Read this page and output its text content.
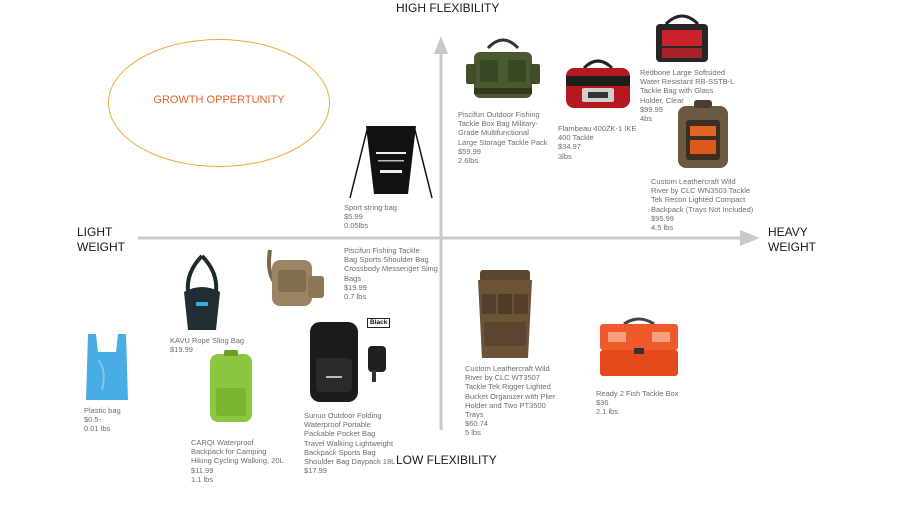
HIGH FLEXIBILITY
LOW FLEXIBILITY
LIGHT
WEIGHT
HEAVY
WEIGHT
GROWTH OPPERTUNITY
Piscifun Outdoor Fishing
Tackle Box Bag Military-
Grade Multifunctional
Large Storage Tackle Pack
$59.99
2.6lbs
Flambeau 400ZK-1 IKE
400 Tackle
$34.97
3lbs
Redbone Large Softsided
Water Resistant RB-SSTB-L
Tackle Bag with Glass
Holder, Clear
$99.99
4bs
Custom Leathercraft Wild
River by CLC WN3503 Tackle
Tek Recon Lighted Compact
Backpack (Trays Not Included)
$95.99
4.5 lbs
Sport string bag
$5.99
0.05lbs
Piscifun Fishing Tackle
Bag Sports Shoulder Bag
Crossbody Messenger Sling
Bags
$19.99
0.7 lbs
KAVU Rope Sling Bag
$19.99
Plastic bag
$0.5-
0.01 lbs
CARQI Waterproof
Backpack for Camping
Hiking Cycling Walking, 20L
$11.99
1.1 lbs
Black
Sunuo Outdoor Folding
Waterproof Portable
Packable Pocket Bag
Travel Walking Lightweight
Backpack Sports Bag
Shoulder Bag Daypack 18L
$17.99
Custom Leathercraft Wild
River by CLC WT3507
Tackle Tek Rigger Lighted
Bucket Organizer with Plier
Holder and Two PT3500
Trays
$60.74
5 lbs
Ready 2 Fish Tackle Box
$36
2.1 lbs
